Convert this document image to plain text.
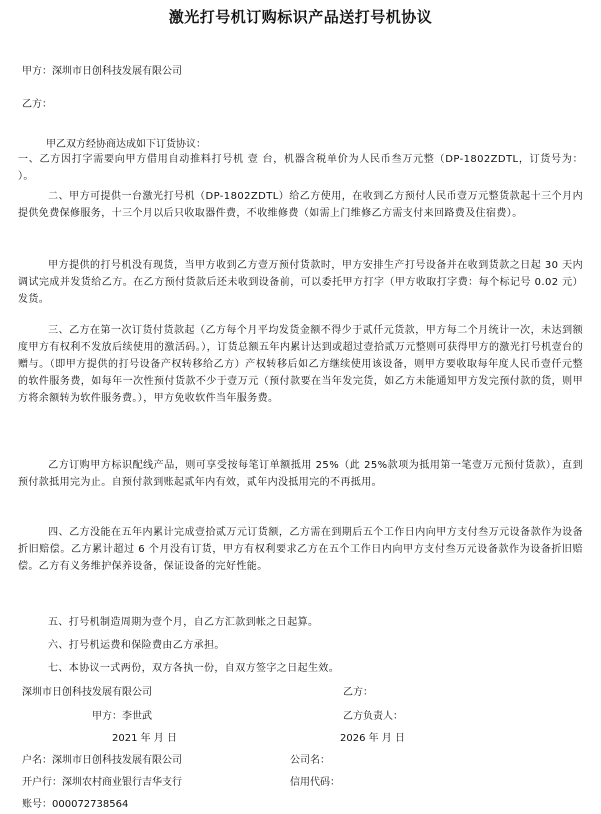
激光打号机订购标识产品送打号机协议
甲方：深圳市日创科技发展有限公司
乙方：
甲乙双方经协商达成如下订货协议：
一、乙方因打字需要向甲方借用自动推料打号机 壹 台，机器含税单价为人民币叁万元整（DP-1802ZDTL，订货号为： ）。
二、甲方可提供一台激光打号机（DP-1802ZDTL）给乙方使用，在收到乙方预付人民币壹万元整货款起十三个月内提供免费保修服务，十三个月以后只收取器件费，不收维修费（如需上门维修乙方需支付来回路费及住宿费）。
甲方提供的打号机没有现货，当甲方收到乙方壹万预付货款时，甲方安排生产打号设备并在收到货款之日起 30 天内调试完成并发货给乙方。在乙方预付货款后还未收到设备前，可以委托甲方打字（甲方收取打字费：每个标记号 0.02 元）发货。
三、乙方在第一次订货付货款起（乙方每个月平均发货金额不得少于贰仟元货款，甲方每二个月统计一次，未达到额度甲方有权利不发放后续使用的激活码。），订货总额五年内累计达到或超过壹拾贰万元整则可获得甲方的激光打号机壹台的赠与。（即甲方提供的打号设备产权转移给乙方）产权转移后如乙方继续使用该设备，则甲方要收取每年度人民币壹仟元整的软件服务费，如每年一次性预付货款不少于壹万元（预付款要在当年发完货，如乙方未能通知甲方发完预付款的货，则甲方将余额转为软件服务费。），甲方免收软件当年服务费。
乙方订购甲方标识配线产品，则可享受按每笔订单额抵用 25%（此 25%款项为抵用第一笔壹万元预付货款），直到预付款抵用完为止。自预付款到账起贰年内有效，贰年内没抵用完的不再抵用。
四、乙方没能在五年内累计完成壹拾贰万元订货额，乙方需在到期后五个工作日内向甲方支付叁万元设备款作为设备折旧赔偿。乙方累计超过 6 个月没有订货，甲方有权利要求乙方在五个工作日内向甲方支付叁万元设备款作为设备折旧赔偿。乙方有义务维护保养设备，保证设备的完好性能。
五、打号机制造周期为壹个月，自乙方汇款到帐之日起算。
六、打号机运费和保险费由乙方承担。
七、本协议一式两份，双方各执一份，自双方签字之日起生效。
深圳市日创科技发展有限公司	乙方：
甲方：李世武	乙方负责人：
2021 年 月 日	2026 年 月 日
户名：深圳市日创科技发展有限公司	公司名：
开户行：深圳农村商业银行吉华支行	信用代码：
账号：000072738564
